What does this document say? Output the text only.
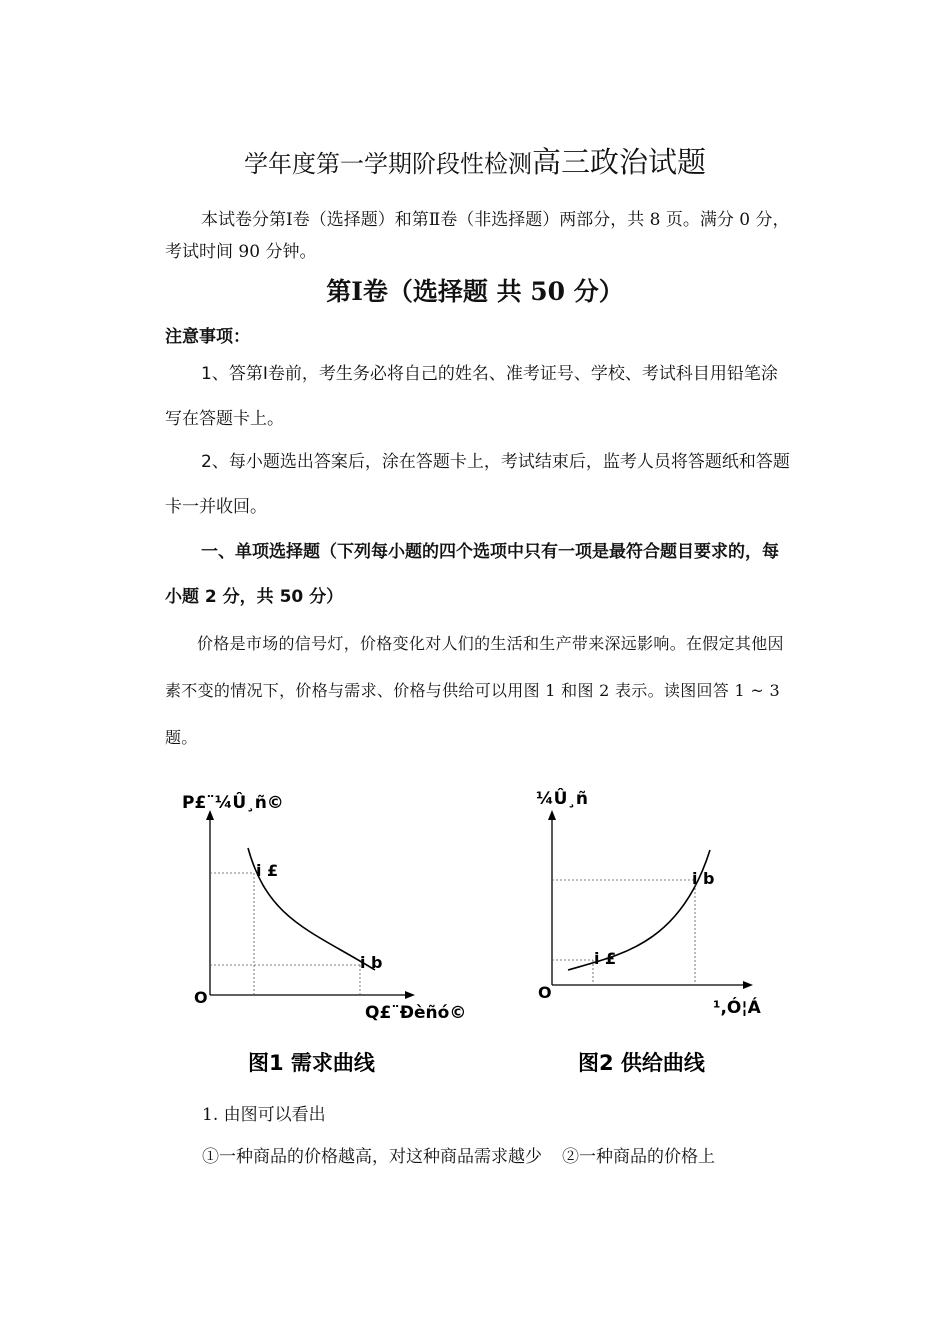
学年度第一学期阶段性检测高三政治试题

本试卷分第Ⅰ卷（选择题）和第Ⅱ卷（非选择题）两部分，共 8 页。满分 0 分，考试时间 90 分钟。

第Ⅰ卷（选择题 共 50 分）
注意事项：

1、答第Ⅰ卷前，考生务必将自己的姓名、准考证号、学校、考试科目用铅笔涂写在答题卡上。

2、每小题选出答案后，涂在答题卡上，考试结束后，监考人员将答题纸和答题卡一并收回。

一、单项选择题（下列每小题的四个选项中只有一项是最符合题目要求的，每小题 2 分，共 50 分）

价格是市场的信号灯，价格变化对人们的生活和生产带来深远影响。在假定其他因素不变的情况下，价格与需求、价格与供给可以用图 1 和图 2 表示。读图回答 1 ~ 3 题。

P£¨¼Û¸ñ©
i £
i b
O
Q£¨Ðèñó©
图1 需求曲线
¼Û¸ñ
i £
i b
O
¹,Ó¦Á
图2 供给曲线
1. 由图可以看出
①一种商品的价格越高，对这种商品需求越少 ②一种商品的价格上
